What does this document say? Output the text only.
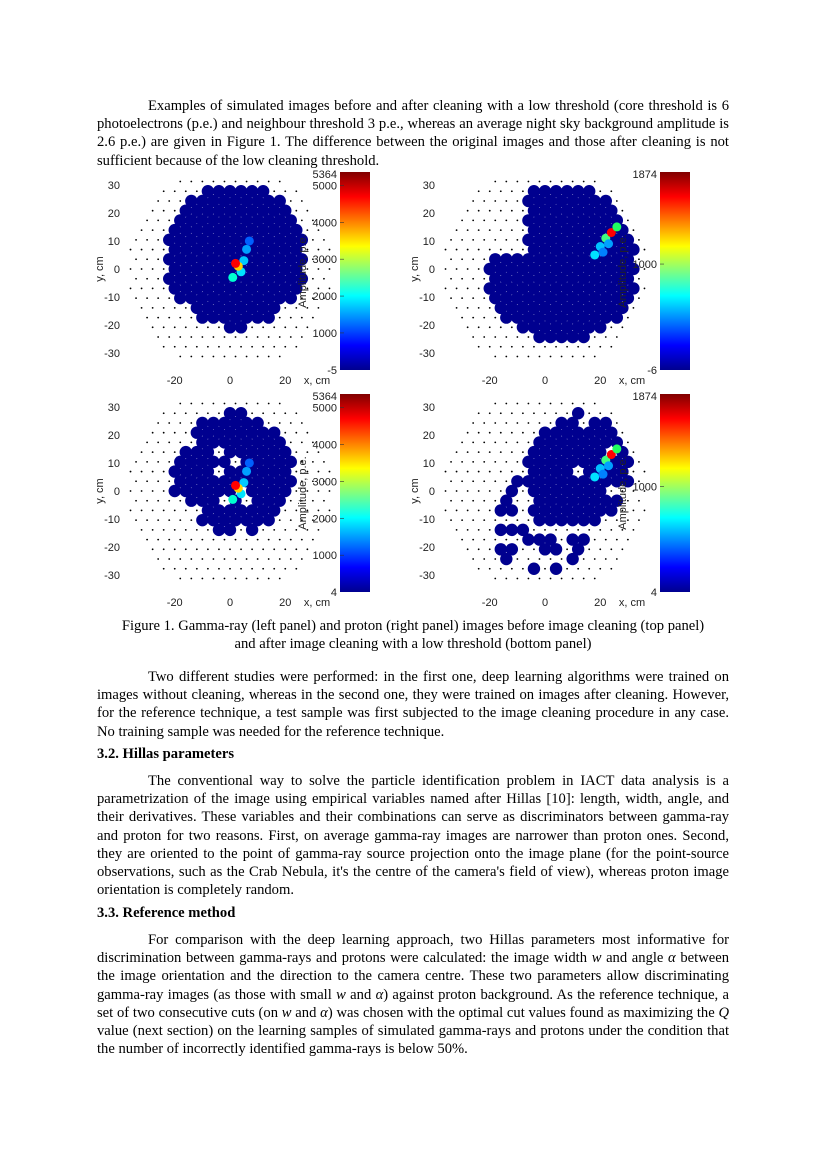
Examples of simulated images before and after cleaning with a low threshold (core threshold is 6 photoelectrons (p.e.) and neighbour threshold 3 p.e., whereas an average night sky background amplitude is 2.6 p.e.) are given in Figure 1. The difference between the original images and those after cleaning is not sufficient because of the low cleaning threshold.

30
20
10
0
-10
-20
-30
y, cm
-20	0	20 x, cm
5364
-5
5000
4000
3000
2000
1000
Amplitude, p.e.
30
20
10
0
-10
-20
-30
y, cm
-20	0	20 x, cm
1874
-6
1000
Amplitude, p.e.
30
20
10
0
-10
-20
-30
y, cm
-20	0	20 x, cm
5364
4
5000
4000
3000
2000
1000
Amplitude, p.e.
30
20
10
0
-10
-20
-30
y, cm
-20	0	20 x, cm
1874
4
1000
Amplitude, p.e.

Figure 1. Gamma-ray (left panel) and proton (right panel) images before image cleaning (top panel)
and after image cleaning with a low threshold (bottom panel)

Two different studies were performed: in the first one, deep learning algorithms were trained on images without cleaning, whereas in the second one, they were trained on images after cleaning. However, for the reference technique, a test sample was first subjected to the image cleaning procedure in any case. No training sample was needed for the reference technique.

3.2. Hillas parameters

The conventional way to solve the particle identification problem in IACT data analysis is a parametrization of the image using empirical variables named after Hillas [10]: length, width, angle, and their derivatives. These variables and their combinations can serve as discriminators between gamma-ray and proton for two reasons. First, on average gamma-ray images are narrower than proton ones. Second, they are oriented to the point of gamma-ray source projection onto the image plane (for the point-source observations, such as the Crab Nebula, it's the centre of the camera's field of view), whereas proton image orientation is completely random.

3.3. Reference method

For comparison with the deep learning approach, two Hillas parameters most informative for discrimination between gamma-rays and protons were calculated: the image width w and angle α between the image orientation and the direction to the camera centre. These two parameters allow discriminating gamma-ray images (as those with small w and α) against proton background. As the reference technique, a set of two consecutive cuts (on w and α) was chosen with the optimal cut values found as maximizing the Q value (next section) on the learning samples of simulated gamma-rays and protons under the condition that the number of incorrectly identified gamma-rays is below 50%.
